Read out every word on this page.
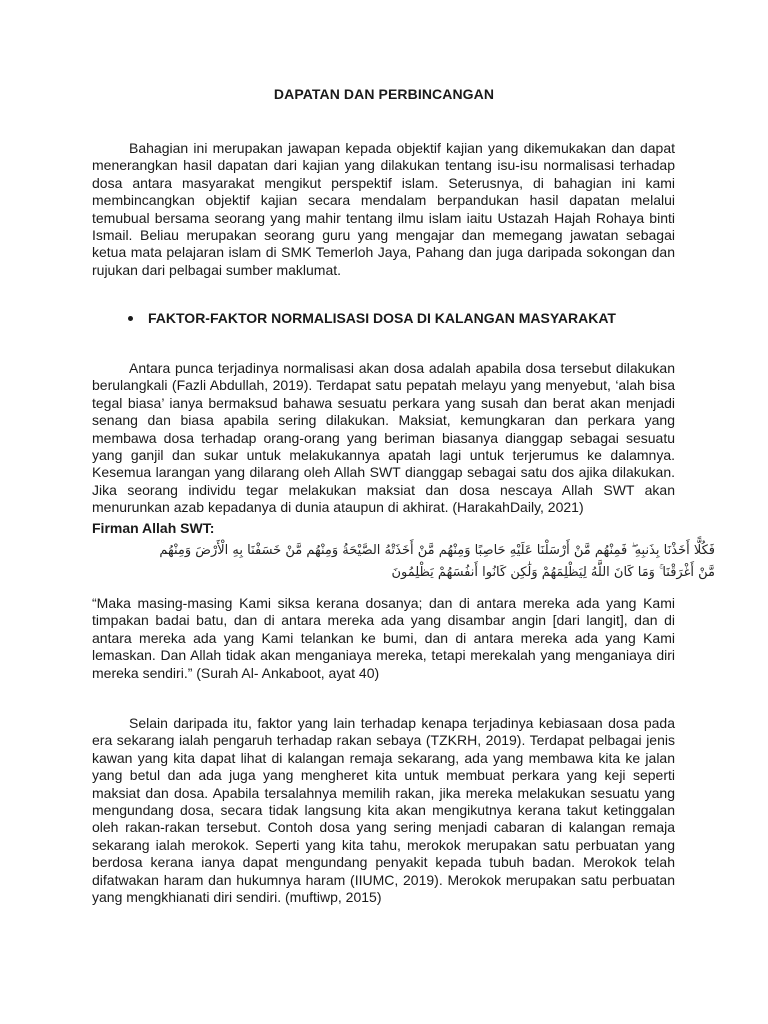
DAPATAN DAN PERBINCANGAN

Bahagian ini merupakan jawapan kepada objektif kajian yang dikemukakan dan dapat menerangkan hasil dapatan dari kajian yang dilakukan tentang isu-isu normalisasi terhadap dosa antara masyarakat mengikut perspektif islam. Seterusnya, di bahagian ini kami membincangkan objektif kajian secara mendalam berpandukan hasil dapatan melalui temubual bersama seorang yang mahir tentang ilmu islam iaitu Ustazah Hajah Rohaya binti Ismail. Beliau merupakan seorang guru yang mengajar dan memegang jawatan sebagai ketua mata pelajaran islam di SMK Temerloh Jaya, Pahang dan juga daripada sokongan dan rujukan dari pelbagai sumber maklumat.

FAKTOR-FAKTOR NORMALISASI DOSA DI KALANGAN MASYARAKAT

Antara punca terjadinya normalisasi akan dosa adalah apabila dosa tersebut dilakukan berulangkali (Fazli Abdullah, 2019). Terdapat satu pepatah melayu yang menyebut, ‘alah bisa tegal biasa’ ianya bermaksud bahawa sesuatu perkara yang susah dan berat akan menjadi senang dan biasa apabila sering dilakukan. Maksiat, kemungkaran dan perkara yang membawa dosa terhadap orang-orang yang beriman biasanya dianggap sebagai sesuatu yang ganjil dan sukar untuk melakukannya apatah lagi untuk terjerumus ke dalamnya. Kesemua larangan yang dilarang oleh Allah SWT dianggap sebagai satu dos ajika dilakukan. Jika seorang individu tegar melakukan maksiat dan dosa nescaya Allah SWT akan menurunkan azab kepadanya di dunia ataupun di akhirat. (HarakahDaily, 2021)

Firman Allah SWT:
فَكُلًّا أَخَذْنَا بِذَنبِهِ ۖ فَمِنْهُم مَّنْ أَرْسَلْنَا عَلَيْهِ حَاصِبًا وَمِنْهُم مَّنْ أَخَذَتْهُ الصَّيْحَةُ وَمِنْهُم مَّنْ خَسَفْنَا بِهِ الْأَرْضَ وَمِنْهُم مَّنْ أَغْرَقْنَا ۚ وَمَا كَانَ اللَّهُ لِيَظْلِمَهُمْ وَلَٰكِن كَانُوا أَنفُسَهُمْ يَظْلِمُونَ

“Maka masing-masing Kami siksa kerana dosanya; dan di antara mereka ada yang Kami timpakan badai batu, dan di antara mereka ada yang disambar angin [dari langit], dan di antara mereka ada yang Kami telankan ke bumi, dan di antara mereka ada yang Kami lemaskan. Dan Allah tidak akan menganiaya mereka, tetapi merekalah yang menganiaya diri mereka sendiri.” (Surah Al- Ankaboot, ayat 40)

Selain daripada itu, faktor yang lain terhadap kenapa terjadinya kebiasaan dosa pada era sekarang ialah pengaruh terhadap rakan sebaya (TZKRH, 2019). Terdapat pelbagai jenis kawan yang kita dapat lihat di kalangan remaja sekarang, ada yang membawa kita ke jalan yang betul dan ada juga yang mengheret kita untuk membuat perkara yang keji seperti maksiat dan dosa. Apabila tersalahnya memilih rakan, jika mereka melakukan sesuatu yang mengundang dosa, secara tidak langsung kita akan mengikutnya kerana takut ketinggalan oleh rakan-rakan tersebut. Contoh dosa yang sering menjadi cabaran di kalangan remaja sekarang ialah merokok. Seperti yang kita tahu, merokok merupakan satu perbuatan yang berdosa kerana ianya dapat mengundang penyakit kepada tubuh badan. Merokok telah difatwakan haram dan hukumnya haram (IIUMC, 2019). Merokok merupakan satu perbuatan yang mengkhianati diri sendiri. (muftiwp, 2015)
